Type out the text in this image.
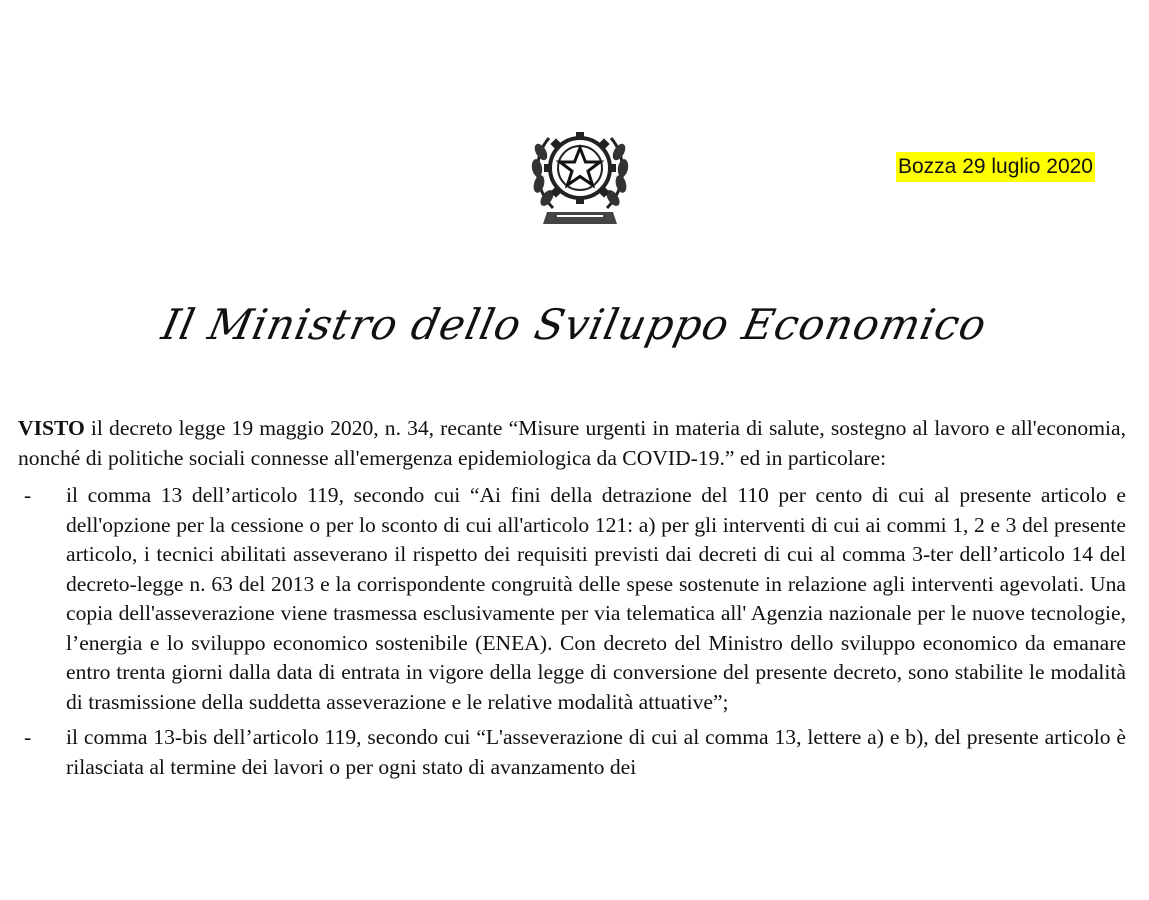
Bozza 29 luglio 2020
Il Ministro dello Sviluppo Economico

VISTO il decreto legge 19 maggio 2020, n. 34, recante “Misure urgenti in materia di salute, sostegno al lavoro e all'economia, nonché di politiche sociali connesse all'emergenza epidemiologica da COVID-19.” ed in particolare:

- il comma 13 dell’articolo 119, secondo cui “Ai fini della detrazione del 110 per cento di cui al presente articolo e dell'opzione per la cessione o per lo sconto di cui all'articolo 121: a) per gli interventi di cui ai commi 1, 2 e 3 del presente articolo, i tecnici abilitati asseverano il rispetto dei requisiti previsti dai decreti di cui al comma 3-ter dell’articolo 14 del decreto-legge n. 63 del 2013 e la corrispondente congruità delle spese sostenute in relazione agli interventi agevolati. Una copia dell'asseverazione viene trasmessa esclusivamente per via telematica all' Agenzia nazionale per le nuove tecnologie, l’energia e lo sviluppo economico sostenibile (ENEA). Con decreto del Ministro dello sviluppo economico da emanare entro trenta giorni dalla data di entrata in vigore della legge di conversione del presente decreto, sono stabilite le modalità di trasmissione della suddetta asseverazione e le relative modalità attuative”;
- il comma 13-bis dell’articolo 119, secondo cui “L'asseverazione di cui al comma 13, lettere a) e b), del presente articolo è rilasciata al termine dei lavori o per ogni stato di avanzamento dei
